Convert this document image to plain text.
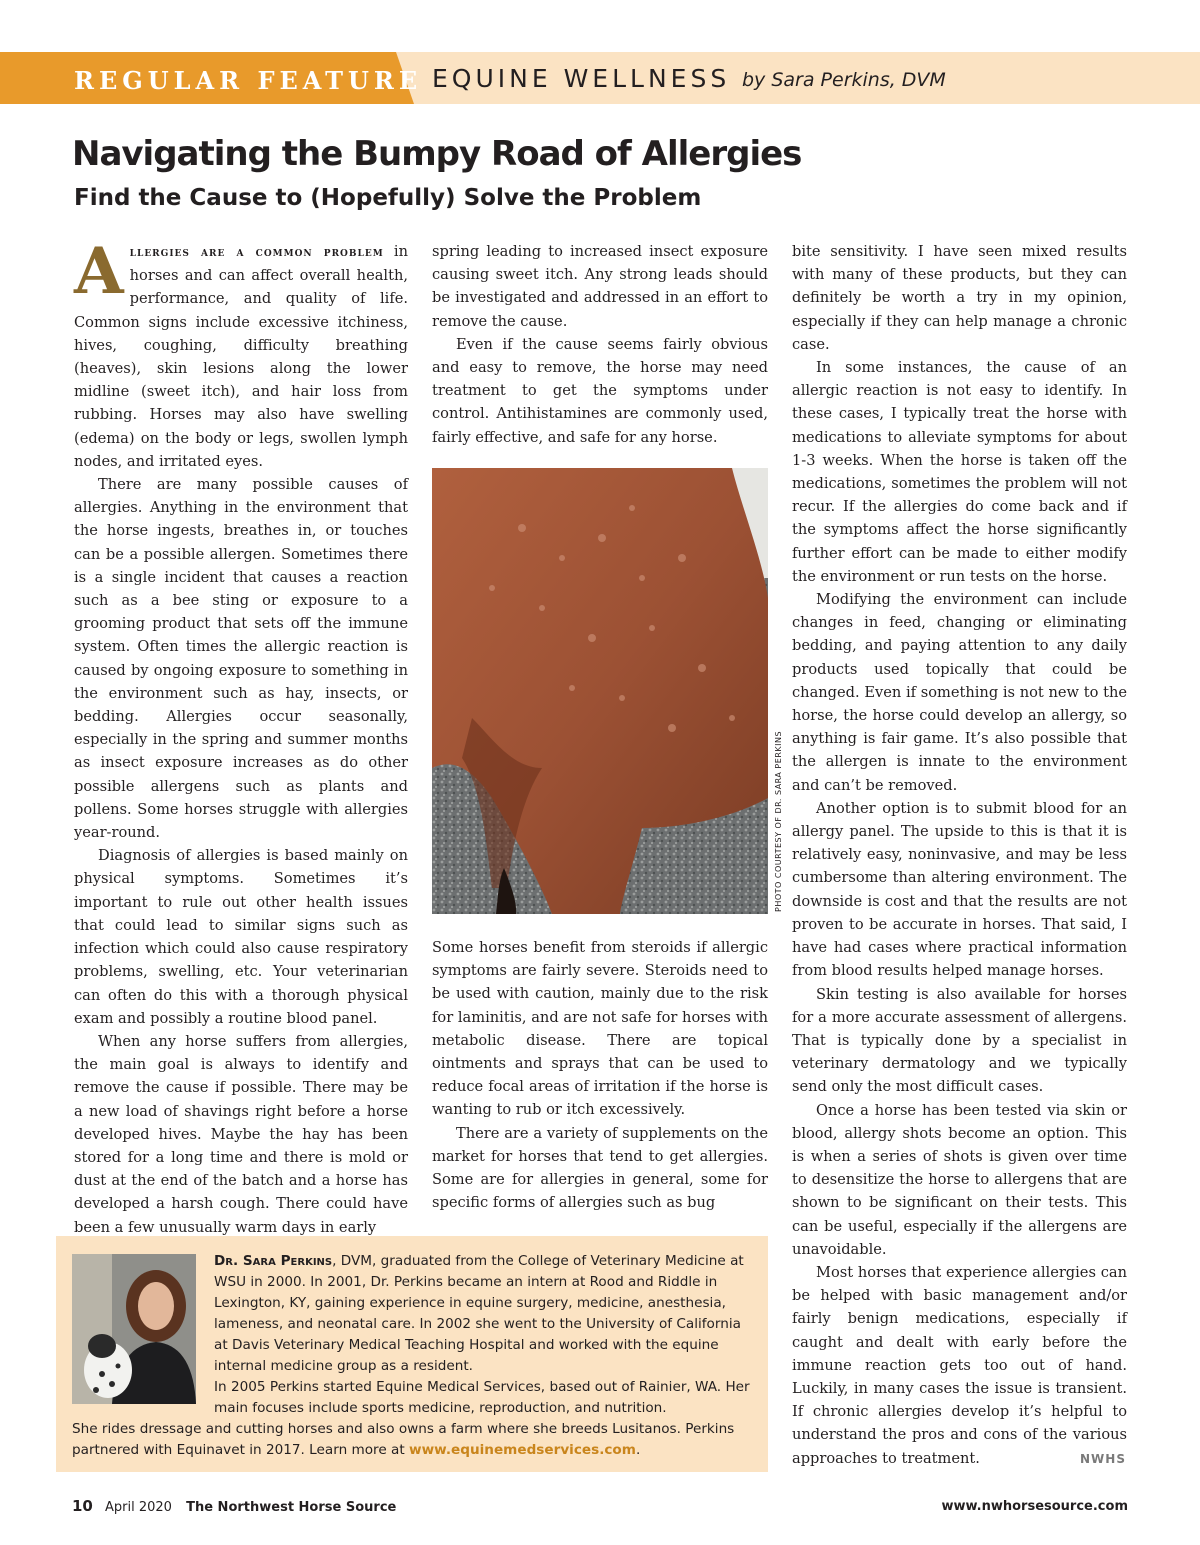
REGULAR FEATURE EQUINE WELLNESS by Sara Perkins, DVM
Navigating the Bumpy Road of Allergies
Find the Cause to (Hopefully) Solve the Problem

Allergies are a common problem in horses and can affect overall health, performance, and quality of life. Common signs include excessive itchiness, hives, coughing, difficulty breathing (heaves), skin lesions along the lower midline (sweet itch), and hair loss from rubbing. Horses may also have swelling (edema) on the body or legs, swollen lymph nodes, and irritated eyes.

There are many possible causes of allergies. Anything in the environment that the horse ingests, breathes in, or touches can be a possible allergen. Sometimes there is a single incident that causes a reaction such as a bee sting or exposure to a grooming product that sets off the immune system. Often times the allergic reaction is caused by ongoing exposure to something in the environment such as hay, insects, or bedding. Allergies occur seasonally, especially in the spring and summer months as insect exposure increases as do other possible allergens such as plants and pollens. Some horses struggle with allergies year-round.

Diagnosis of allergies is based mainly on physical symptoms. Sometimes it’s important to rule out other health issues that could lead to similar signs such as infection which could also cause respiratory problems, swelling, etc. Your veterinarian can often do this with a thorough physical exam and possibly a routine blood panel.

When any horse suffers from allergies, the main goal is always to identify and remove the cause if possible. There may be a new load of shavings right before a horse developed hives. Maybe the hay has been stored for a long time and there is mold or dust at the end of the batch and a horse has developed a harsh cough. There could have been a few unusually warm days in early

spring leading to increased insect exposure causing sweet itch. Any strong leads should be investigated and addressed in an effort to remove the cause.

Even if the cause seems fairly obvious and easy to remove, the horse may need treatment to get the symptoms under control. Antihistamines are commonly used, fairly effective, and safe for any horse.

PHOTO COURTESY OF DR. SARA PERKINS

Some horses benefit from steroids if allergic symptoms are fairly severe. Steroids need to be used with caution, mainly due to the risk for laminitis, and are not safe for horses with metabolic disease. There are topical ointments and sprays that can be used to reduce focal areas of irritation if the horse is wanting to rub or itch excessively.

There are a variety of supplements on the market for horses that tend to get allergies. Some are for allergies in general, some for specific forms of allergies such as bug

bite sensitivity. I have seen mixed results with many of these products, but they can definitely be worth a try in my opinion, especially if they can help manage a chronic case.

In some instances, the cause of an allergic reaction is not easy to identify. In these cases, I typically treat the horse with medications to alleviate symptoms for about 1-3 weeks. When the horse is taken off the medications, sometimes the problem will not recur. If the allergies do come back and if the symptoms affect the horse significantly further effort can be made to either modify the environment or run tests on the horse.

Modifying the environment can include changes in feed, changing or eliminating bedding, and paying attention to any daily products used topically that could be changed. Even if something is not new to the horse, the horse could develop an allergy, so anything is fair game. It’s also possible that the allergen is innate to the environment and can’t be removed.

Another option is to submit blood for an allergy panel. The upside to this is that it is relatively easy, noninvasive, and may be less cumbersome than altering environment. The downside is cost and that the results are not proven to be accurate in horses. That said, I have had cases where practical information from blood results helped manage horses.

Skin testing is also available for horses for a more accurate assessment of allergens. That is typically done by a specialist in veterinary dermatology and we typically send only the most difficult cases.

Once a horse has been tested via skin or blood, allergy shots become an option. This is when a series of shots is given over time to desensitize the horse to allergens that are shown to be significant on their tests. This can be useful, especially if the allergens are unavoidable.

Most horses that experience allergies can be helped with basic management and/or fairly benign medications, especially if caught and dealt with early before the immune reaction gets too out of hand. Luckily, in many cases the issue is transient. If chronic allergies develop it’s helpful to understand the pros and cons of the various approaches to treatment.	NWHS
Dr. Sara Perkins, DVM, graduated from the College of Veterinary Medicine at WSU in 2000. In 2001, Dr. Perkins became an intern at Rood and Riddle in Lexington, KY, gaining experience in equine surgery, medicine, anesthesia, lameness, and neonatal care. In 2002 she went to the University of California at Davis Veterinary Medical Teaching Hospital and worked with the equine internal medicine group as a resident.
In 2005 Perkins started Equine Medical Services, based out of Rainier, WA. Her main focuses include sports medicine, reproduction, and nutrition.
She rides dressage and cutting horses and also owns a farm where she breeds Lusitanos. Perkins partnered with Equinavet in 2017. Learn more at www.equinemedservices.com.
10 April 2020 The Northwest Horse Source	www.nwhorsesource.com
